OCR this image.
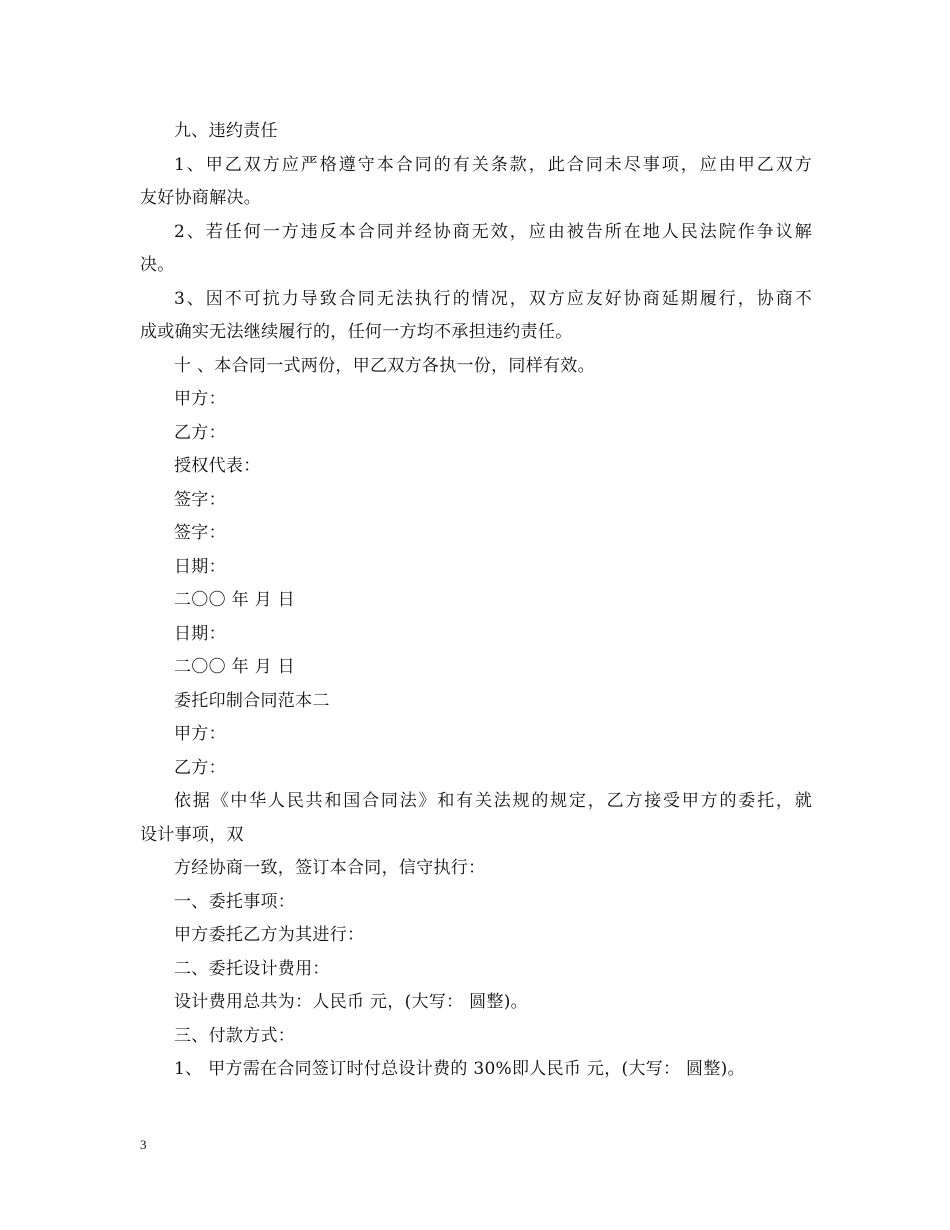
九、违约责任
1、甲乙双方应严格遵守本合同的有关条款，此合同未尽事项，应由甲乙双方
友好协商解决。
2、若任何一方违反本合同并经协商无效，应由被告所在地人民法院作争议解
决。
3、因不可抗力导致合同无法执行的情况，双方应友好协商延期履行，协商不
成或确实无法继续履行的，任何一方均不承担违约责任。
十 、本合同一式两份，甲乙双方各执一份，同样有效。
甲方：
乙方：
授权代表：
签字：
签字：
日期：
二〇〇 年 月 日
日期：
二〇〇 年 月 日
委托印制合同范本二
甲方：
乙方：
依据《中华人民共和国合同法》和有关法规的规定，乙方接受甲方的委托，就
设计事项，双
方经协商一致，签订本合同，信守执行：
一、委托事项：
甲方委托乙方为其进行：
二、委托设计费用：
设计费用总共为：人民币 元，(大写： 圆整)。
三、付款方式：
1、 甲方需在合同签订时付总设计费的 30%即人民币 元，(大写： 圆整)。
3
